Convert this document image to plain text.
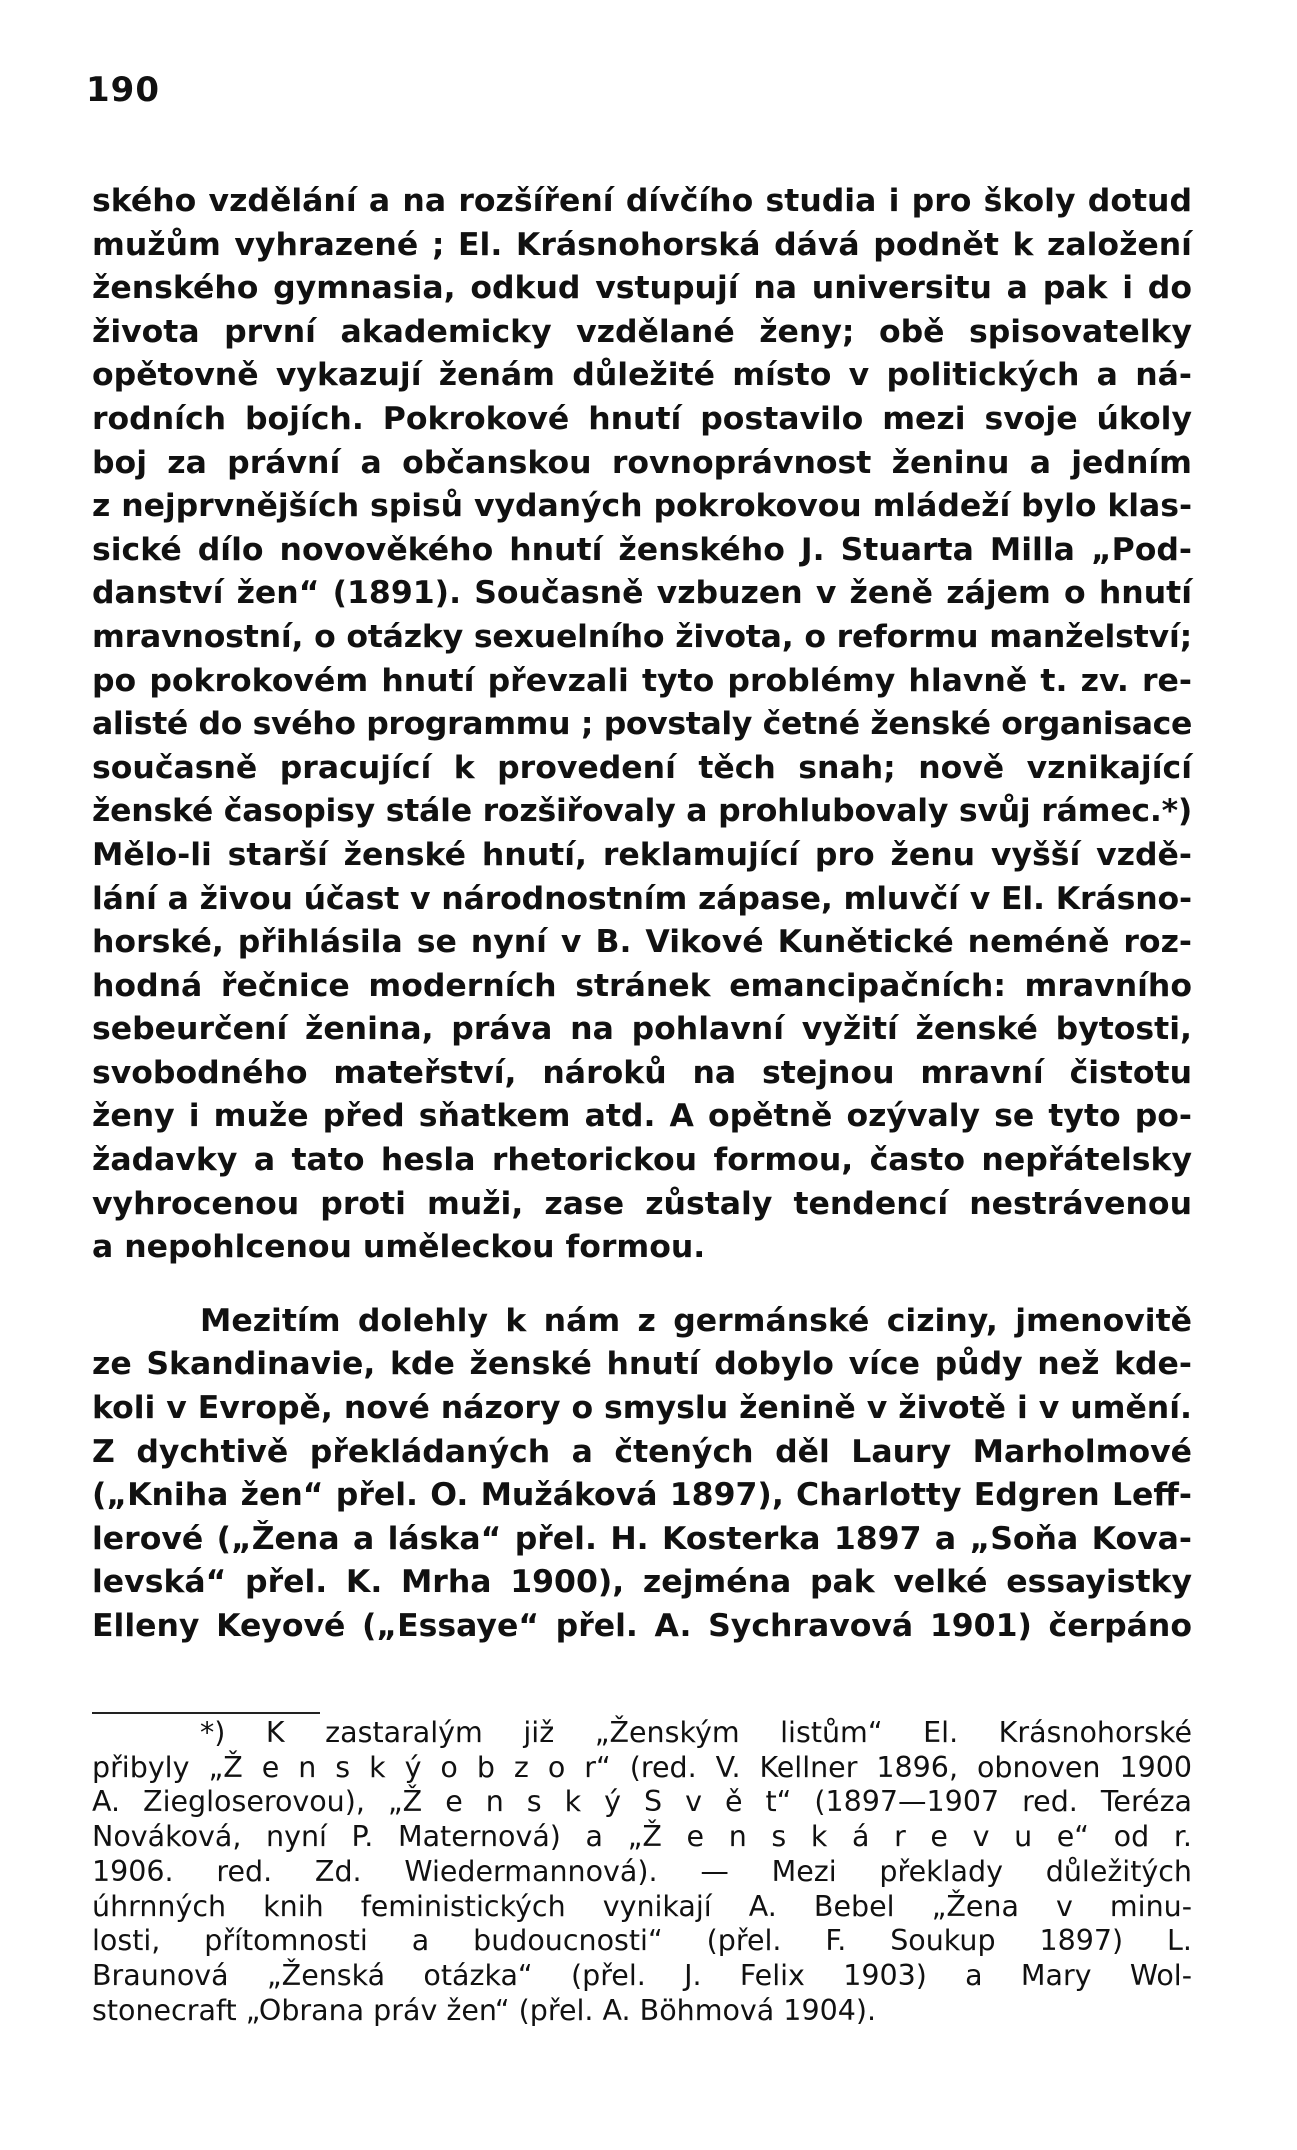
190
ského vzdělání a na rozšíření dívčího studia i pro školy dotud
mužům vyhrazené ; El. Krásnohorská dává podnět k založení
ženského gymnasia, odkud vstupují na universitu a pak i do
života první akademicky vzdělané ženy; obě spisovatelky
opětovně vykazují ženám důležité místo v politických a ná-
rodních bojích. Pokrokové hnutí postavilo mezi svoje úkoly
boj za právní a občanskou rovnoprávnost ženinu a jedním
z nejprvnějších spisů vydaných pokrokovou mládeží bylo klas-
sické dílo novověkého hnutí ženského J. Stuarta Milla „Pod-
danství žen“ (1891). Současně vzbuzen v ženě zájem o hnutí
mravnostní, o otázky sexuelního života, o reformu manželství;
po pokrokovém hnutí převzali tyto problémy hlavně t. zv. re-
alisté do svého programmu ; povstaly četné ženské organisace
současně pracující k provedení těch snah; nově vznikající
ženské časopisy stále rozšiřovaly a prohlubovaly svůj rámec.*)
Mělo-li starší ženské hnutí, reklamující pro ženu vyšší vzdě-
lání a živou účast v národnostním zápase, mluvčí v El. Krásno-
horské, přihlásila se nyní v B. Vikové Kunětické neméně roz-
hodná řečnice moderních stránek emancipačních: mravního
sebeurčení ženina, práva na pohlavní vyžití ženské bytosti,
svobodného mateřství, nároků na stejnou mravní čistotu
ženy i muže před sňatkem atd. A opětně ozývaly se tyto po-
žadavky a tato hesla rhetorickou formou, často nepřátelsky
vyhrocenou proti muži, zase zůstaly tendencí nestrávenou
a nepohlcenou uměleckou formou.
Mezitím dolehly k nám z germánské ciziny, jmenovitě
ze Skandinavie, kde ženské hnutí dobylo více půdy než kde-
koli v Evropě, nové názory o smyslu ženině v životě i v umění.
Z dychtivě překládaných a čtených děl Laury Marholmové
(„Kniha žen“ přel. O. Mužáková 1897), Charlotty Edgren Leff-
lerové („Žena a láska“ přel. H. Kosterka 1897 a „Soňa Kova-
levská“ přel. K. Mrha 1900), zejména pak velké essayistky
Elleny Keyové („Essaye“ přel. A. Sychravová 1901) čerpáno
*) K zastaralým již „Ženským listům“ El. Krásnohorské
přibyly „Ž e n s k ý o b z o r“ (red. V. Kellner 1896, obnoven 1900
A. Ziegloserovou), „Ž e n s k ý S v ě t“ (1897—1907 red. Teréza
Nováková, nyní P. Maternová) a „Ž e n s k á r e v u e“ od r.
1906. red. Zd. Wiedermannová). — Mezi překlady důležitých
úhrnných knih feministických vynikají A. Bebel „Žena v minu-
losti, přítomnosti a budoucnosti“ (přel. F. Soukup 1897) L.
Braunová „Ženská otázka“ (přel. J. Felix 1903) a Mary Wol-
stonecraft „Obrana práv žen“ (přel. A. Böhmová 1904).
